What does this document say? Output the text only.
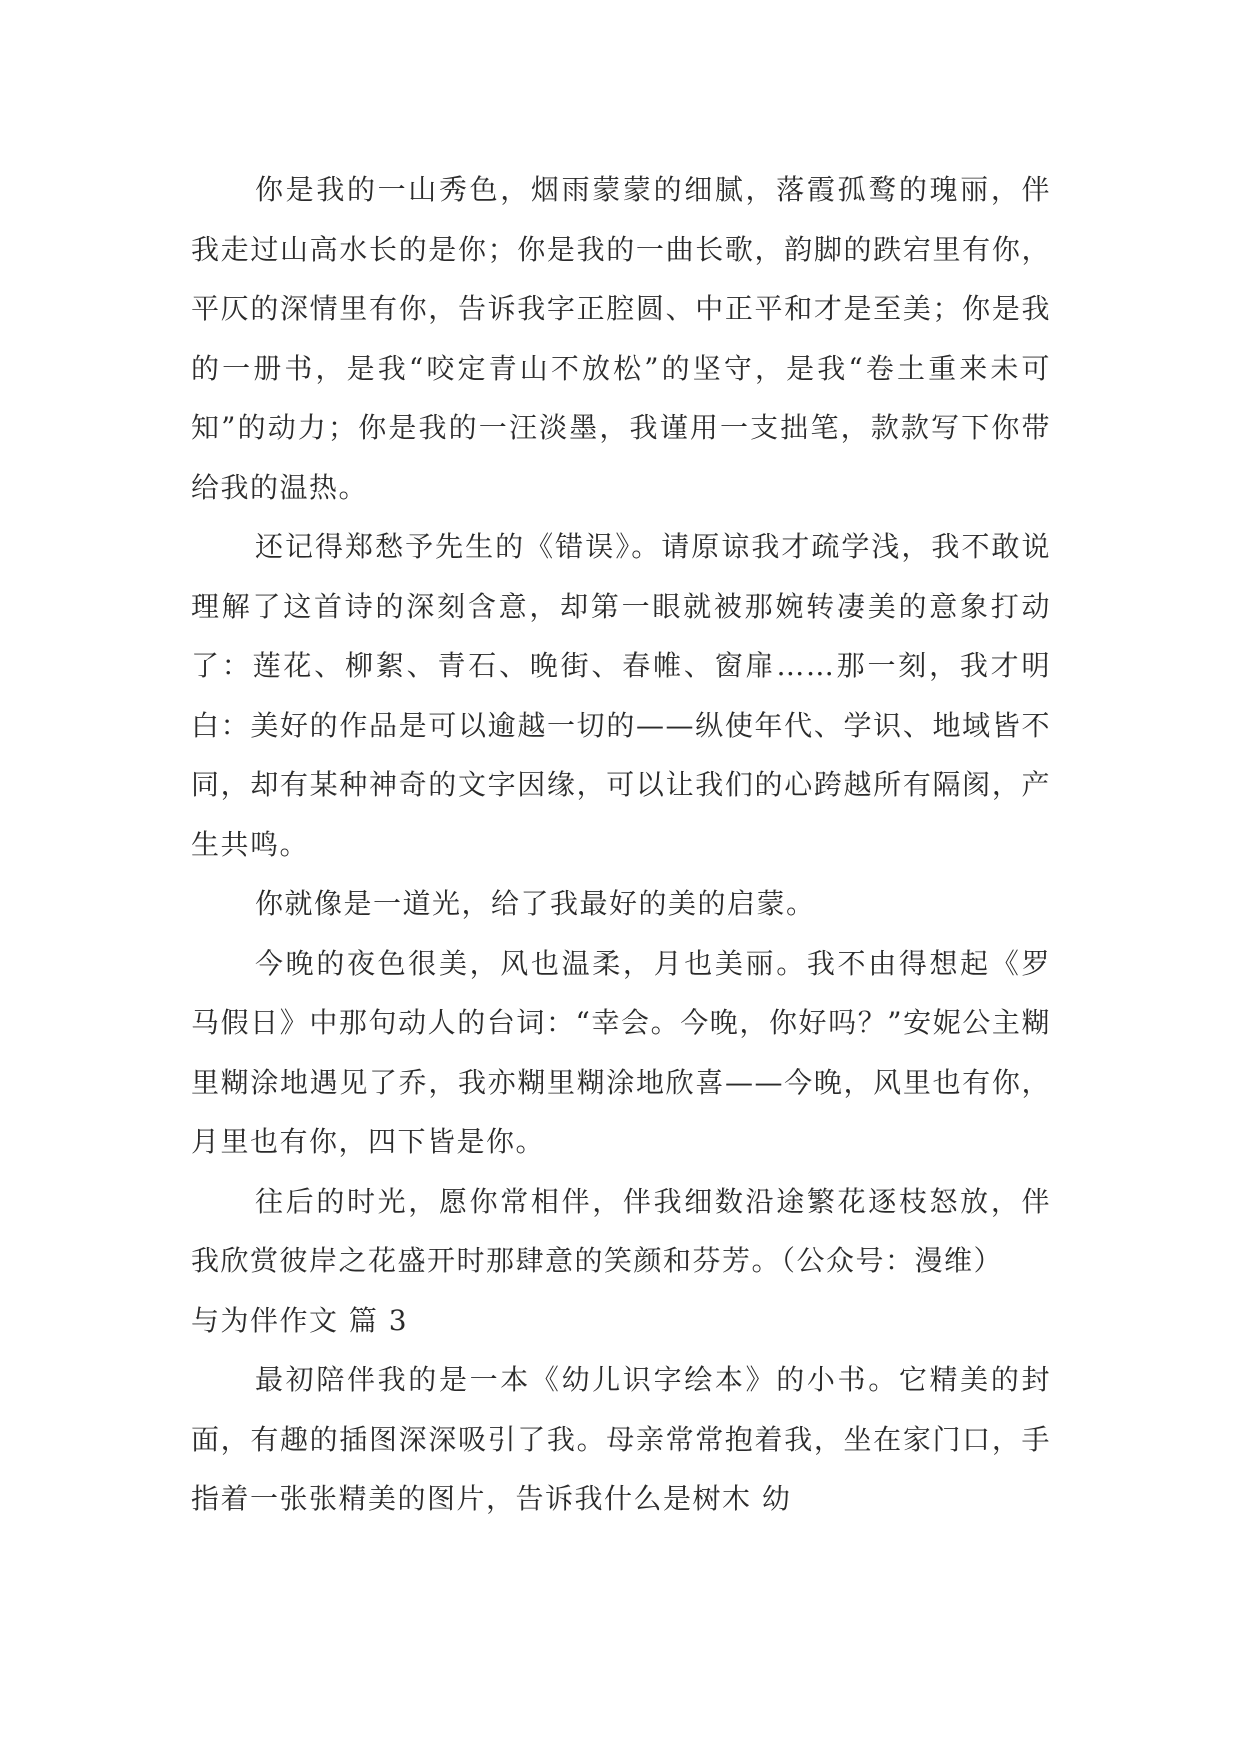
你是我的一山秀色，烟雨蒙蒙的细腻，落霞孤鹜的瑰丽，伴我走过山高水长的是你；你是我的一曲长歌，韵脚的跌宕里有你，平仄的深情里有你，告诉我字正腔圆、中正平和才是至美；你是我的一册书，是我“咬定青山不放松”的坚守，是我“卷土重来未可知”的动力；你是我的一汪淡墨，我谨用一支拙笔，款款写下你带给我的温热。

还记得郑愁予先生的《错误》。请原谅我才疏学浅，我不敢说理解了这首诗的深刻含意，却第一眼就被那婉转凄美的意象打动了：莲花、柳絮、青石、晚街、春帷、窗扉……那一刻，我才明白：美好的作品是可以逾越一切的——纵使年代、学识、地域皆不同，却有某种神奇的文字因缘，可以让我们的心跨越所有隔阂，产生共鸣。

你就像是一道光，给了我最好的美的启蒙。

今晚的夜色很美，风也温柔，月也美丽。我不由得想起《罗马假日》中那句动人的台词：“幸会。今晚，你好吗？”安妮公主糊里糊涂地遇见了乔，我亦糊里糊涂地欣喜——今晚，风里也有你，月里也有你，四下皆是你。

往后的时光，愿你常相伴，伴我细数沿途繁花逐枝怒放，伴我欣赏彼岸之花盛开时那肆意的笑颜和芬芳。（公众号：漫维）

与为伴作文 篇 3

最初陪伴我的是一本《幼儿识字绘本》的小书。它精美的封面，有趣的插图深深吸引了我。母亲常常抱着我，坐在家门口，手指着一张张精美的图片，告诉我什么是树木 幼
